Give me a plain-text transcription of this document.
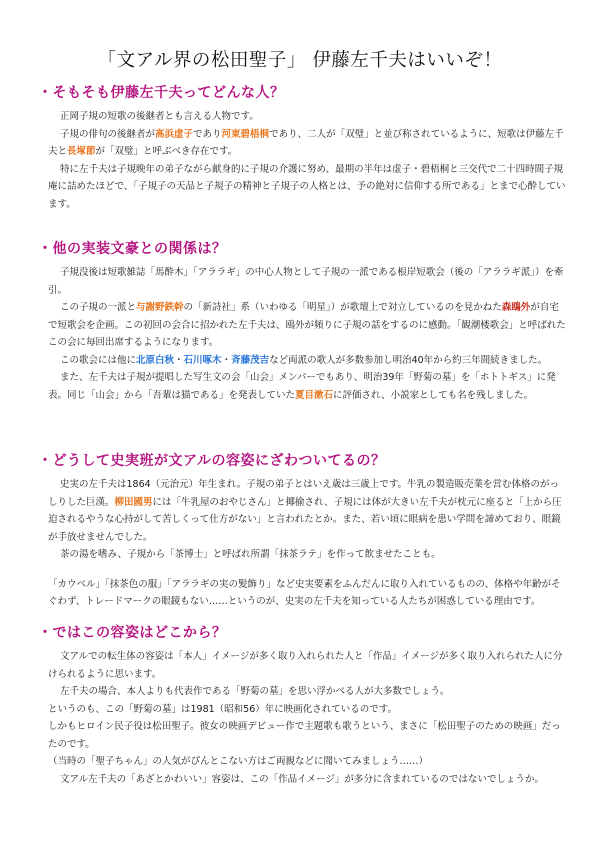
「文アル界の松田聖子」 伊藤左千夫はいいぞ！
・そもそも伊藤左千夫ってどんな人？

正岡子規の短歌の後継者とも言える人物です。

子規の俳句の後継者が高浜虚子であり河東碧梧桐であり、二人が「双璧」と並び称されているように、短歌は伊藤左千夫と長塚節が「双璧」と呼ぶべき存在です。

特に左千夫は子規晩年の弟子ながら献身的に子規の介護に努め、最期の半年は虚子・碧梧桐と三交代で二十四時間子規庵に詰めたほどで、「子規子の天品と子規子の精神と子規子の人格とは、予の絶対に信仰する所である」とまで心酔しています。

・他の実装文豪との関係は？

子規没後は短歌雑誌「馬酔木」「アララギ」の中心人物として子規の一派である根岸短歌会（後の「アララギ派」）を牽引。

この子規の一派と与謝野鉄幹の「新詩社」系（いわゆる「明星」）が歌壇上で対立しているのを見かねた森鴎外が自宅で短歌会を企画。この初回の会合に招かれた左千夫は、鴎外が頻りに子規の話をするのに感動。「観潮楼歌会」と呼ばれたこの会に毎回出席するようになります。

この歌会には他に北原白秋・石川啄木・斉藤茂吉など両派の歌人が多数参加し明治40年から約三年間続きました。

また、左千夫は子規が提唱した写生文の会「山会」メンバーでもあり、明治39年「野菊の墓」を「ホトトギス」に発表。同じ「山会」から「吾輩は猫である」を発表していた夏目漱石に評価され、小説家としても名を残しました。

・どうして史実班が文アルの容姿にざわついてるの？

史実の左千夫は1864（元治元）年生まれ。子規の弟子とはいえ歳は三歳上です。牛乳の製造販売業を営む体格のがっしりした巨漢。柳田國男には「牛乳屋のおやじさん」と揶揄され、子規には体が大きい左千夫が枕元に座ると「上から圧迫されるやうな心持がして苦しくって仕方がない」と言われたとか。また、若い頃に眼病を患い学問を諦めており、眼鏡が手放せませんでした。

茶の湯を嗜み、子規から「茶博士」と呼ばれ所謂「抹茶ラテ」を作って飲ませたことも。

「カウベル」「抹茶色の服」「アララギの実の髪飾り」など史実要素をふんだんに取り入れているものの、体格や年齢がそぐわず、トレードマークの眼鏡もない……というのが、史実の左千夫を知っている人たちが困惑している理由です。

・ではこの容姿はどこから？

文アルでの転生体の容姿は「本人」イメージが多く取り入れられた人と「作品」イメージが多く取り入れられた人に分けられるように思います。

左千夫の場合、本人よりも代表作である「野菊の墓」を思い浮かべる人が大多数でしょう。

というのも、この「野菊の墓」は1981（昭和56）年に映画化されているのです。

しかもヒロイン民子役は松田聖子。彼女の映画デビュー作で主題歌も歌うという、まさに「松田聖子のための映画」だったのです。

（当時の「聖子ちゃん」の人気がぴんとこない方はご両親などに聞いてみましょう……）

文アル左千夫の「あざとかわいい」容姿は、この「作品イメージ」が多分に含まれているのではないでしょうか。
